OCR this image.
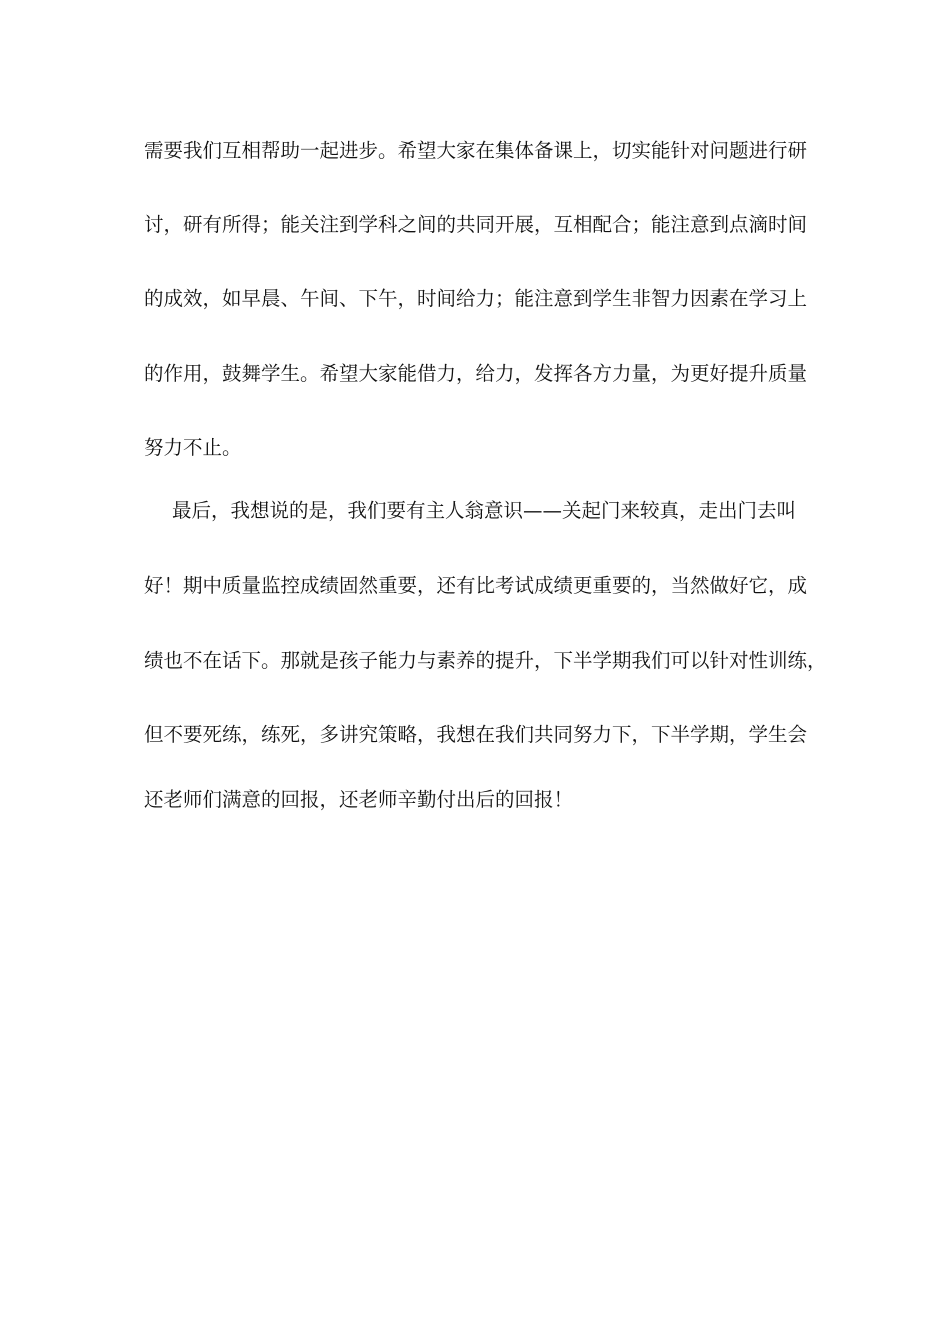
需要我们互相帮助一起进步。希望大家在集体备课上，切实能针对问题进行研
讨，研有所得；能关注到学科之间的共同开展，互相配合；能注意到点滴时间
的成效，如早晨、午间、下午，时间给力；能注意到学生非智力因素在学习上
的作用，鼓舞学生。希望大家能借力，给力，发挥各方力量，为更好提升质量
努力不止。
最后，我想说的是，我们要有主人翁意识——关起门来较真，走出门去叫
好！期中质量监控成绩固然重要，还有比考试成绩更重要的，当然做好它，成
绩也不在话下。那就是孩子能力与素养的提升，下半学期我们可以针对性训练，
但不要死练，练死，多讲究策略，我想在我们共同努力下，下半学期，学生会
还老师们满意的回报，还老师辛勤付出后的回报！
